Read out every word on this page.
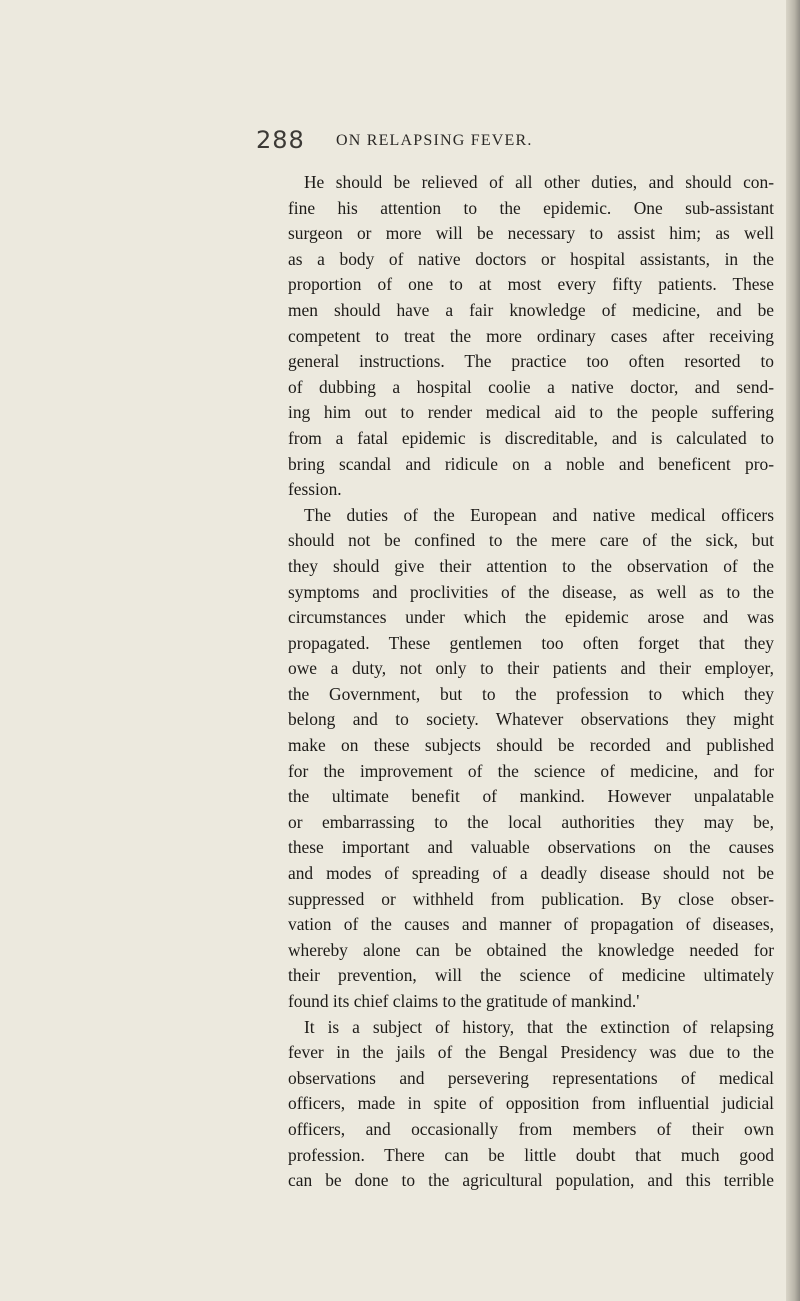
288 ON RELAPSING FEVER.
He should be relieved of all other duties, and should con-
fine his attention to the epidemic. One sub-assistant
surgeon or more will be necessary to assist him; as well
as a body of native doctors or hospital assistants, in the
proportion of one to at most every fifty patients. These
men should have a fair knowledge of medicine, and be
competent to treat the more ordinary cases after receiving
general instructions. The practice too often resorted to
of dubbing a hospital coolie a native doctor, and send-
ing him out to render medical aid to the people suffering
from a fatal epidemic is discreditable, and is calculated to
bring scandal and ridicule on a noble and beneficent pro-
fession.
The duties of the European and native medical officers
should not be confined to the mere care of the sick, but
they should give their attention to the observation of the
symptoms and proclivities of the disease, as well as to the
circumstances under which the epidemic arose and was
propagated. These gentlemen too often forget that they
owe a duty, not only to their patients and their employer,
the Government, but to the profession to which they
belong and to society. Whatever observations they might
make on these subjects should be recorded and published
for the improvement of the science of medicine, and for
the ultimate benefit of mankind. However unpalatable
or embarrassing to the local authorities they may be,
these important and valuable observations on the causes
and modes of spreading of a deadly disease should not be
suppressed or withheld from publication. By close obser-
vation of the causes and manner of propagation of diseases,
whereby alone can be obtained the knowledge needed for
their prevention, will the science of medicine ultimately
found its chief claims to the gratitude of mankind.'
It is a subject of history, that the extinction of relapsing
fever in the jails of the Bengal Presidency was due to the
observations and persevering representations of medical
officers, made in spite of opposition from influential judicial
officers, and occasionally from members of their own
profession. There can be little doubt that much good
can be done to the agricultural population, and this terrible
